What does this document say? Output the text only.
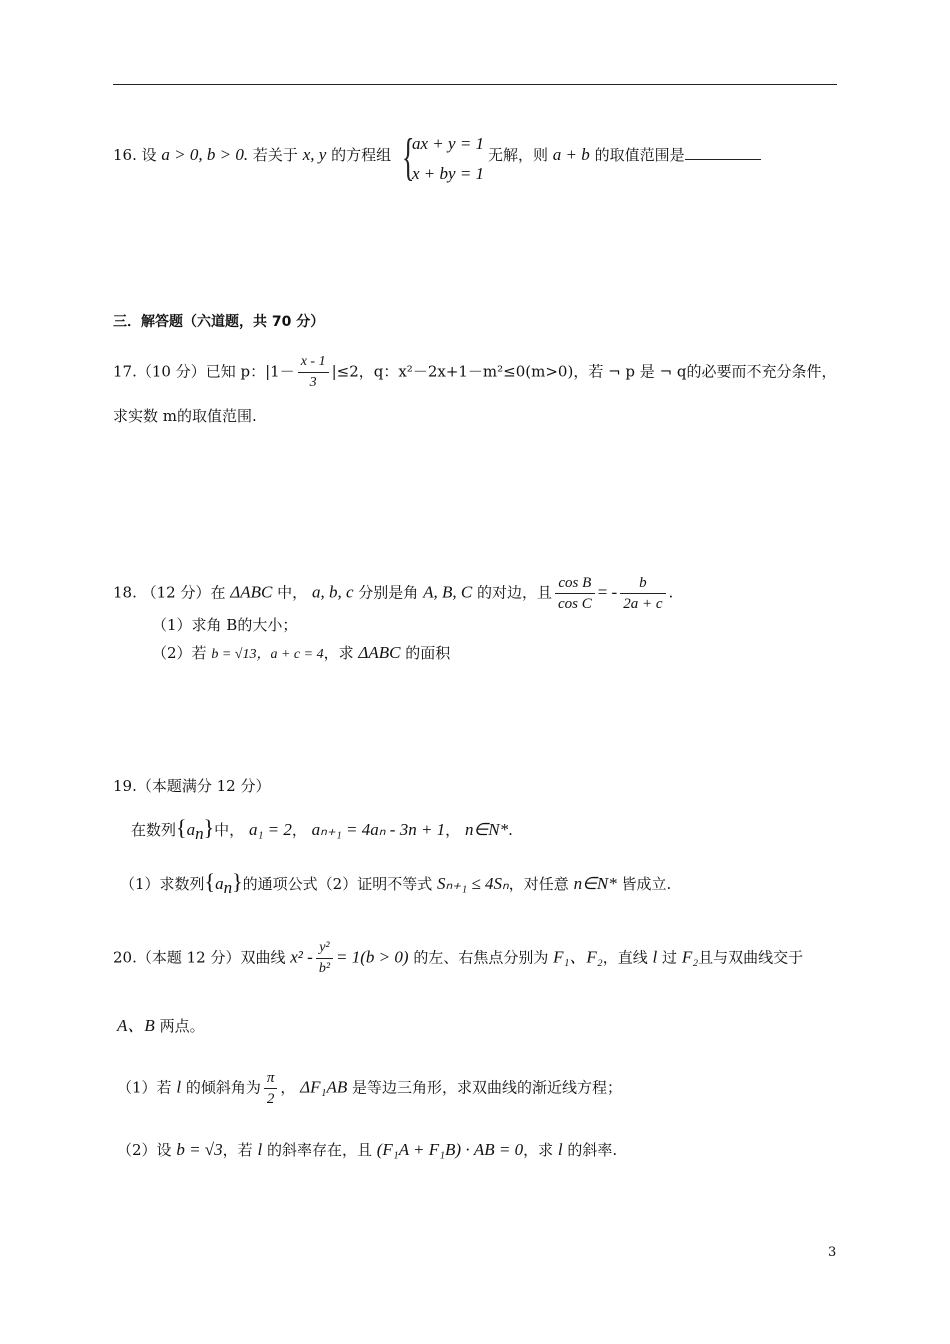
16. 设 a > 0, b > 0. 若关于 x, y 的方程组 {
ax + y = 1
x + by = 1
无解，则 a + b 的取值范围是
三．解答题（六道题，共 70 分）
17.（10 分）已知 p：$|1- \frac{x - 1}{3} |\le 2$，q：x²－2x+1－m²≤0(m>0)，若 ¬ p 是 ¬ q的必要而不充分条件，
求实数 m的取值范围.
18. （12 分）在 ΔABC 中， a, b, c 分别是角 A, B, C 的对边，且 $\frac{\text{cos B}}{\text{cos C}}$ = - $\frac{b}{2a + c}$ .
（1）求角 B的大小；
（2）若 b = √13，a + c = 4，求 ΔABC 的面积
19.（本题满分 12 分）
在数列$\{a_n\}$中， a₁ = 2， aₙ₊₁ = 4aₙ - 3n + 1， n∈N*.
（1）求数列$\{a_n\}$的通项公式（2）证明不等式 Sₙ₊₁ ≤ 4Sₙ，对任意 n∈N* 皆成立.
20.（本题 12 分）双曲线 $x^2 - \frac{\text{y²}}{\text{b²}} = 1(b > 0)$ 的左、右焦点分别为 F₁、F₂，直线 l 过 F₂且与双曲线交于
A、B 两点。
（1）若 l 的倾斜角为 $\frac{\pi}{2}$ ， ΔF₁AB 是等边三角形，求双曲线的渐近线方程；
（2）设 b = √3，若 l 的斜率存在，且 (F₁A + F₁B) · AB = 0，求 l 的斜率.
3
